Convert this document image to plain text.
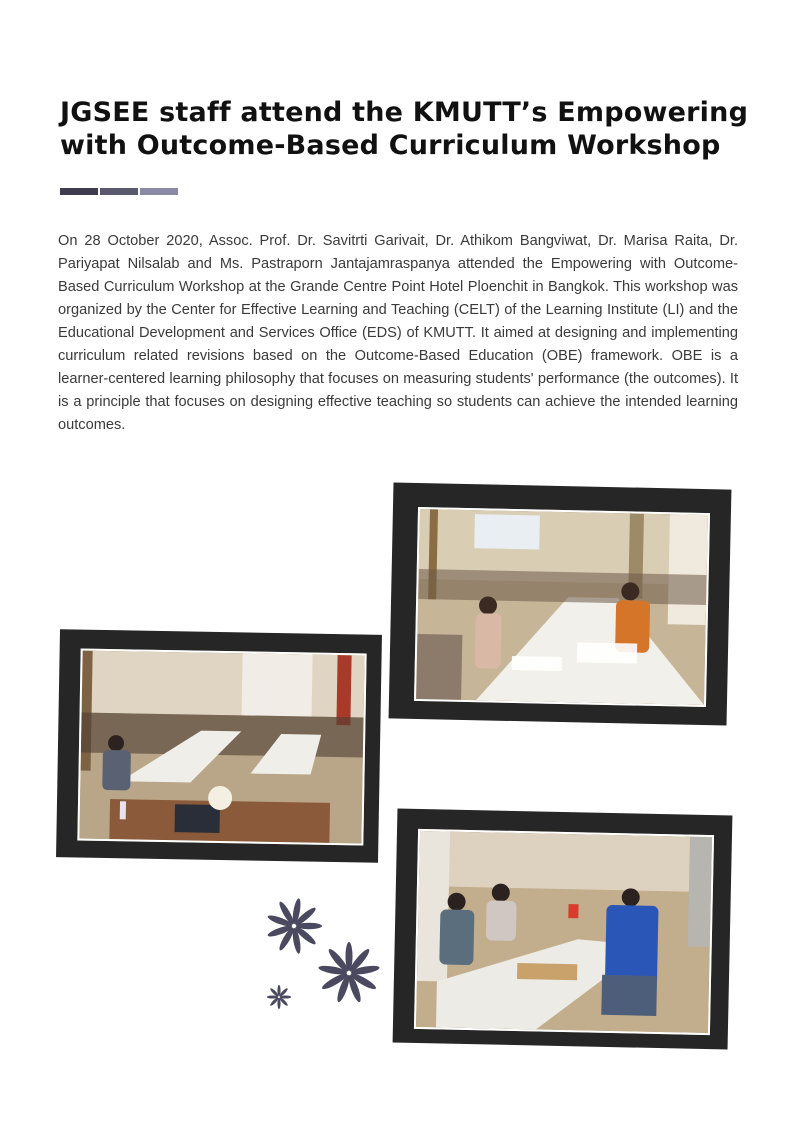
JGSEE staff attend the KMUTT’s Empowering
with Outcome-Based Curriculum Workshop

On 28 October 2020, Assoc. Prof. Dr. Savitrti Garivait, Dr. Athikom Bangviwat, Dr. Marisa Raita, Dr. Pariyapat Nilsalab and Ms. Pastraporn Jantajamraspanya attended the Empowering with Outcome-Based Curriculum Workshop at the Grande Centre Point Hotel Ploenchit in Bangkok. This workshop was organized by the Center for Effective Learning and Teaching (CELT) of the Learning Institute (LI) and the Educational Development and Services Office (EDS) of KMUTT. It aimed at designing and implementing curriculum related revisions based on the Outcome-Based Education (OBE) framework. OBE is a learner-centered learning philosophy that focuses on measuring students' performance (the outcomes). It is a principle that focuses on designing effective teaching so students can achieve the intended learning outcomes.
